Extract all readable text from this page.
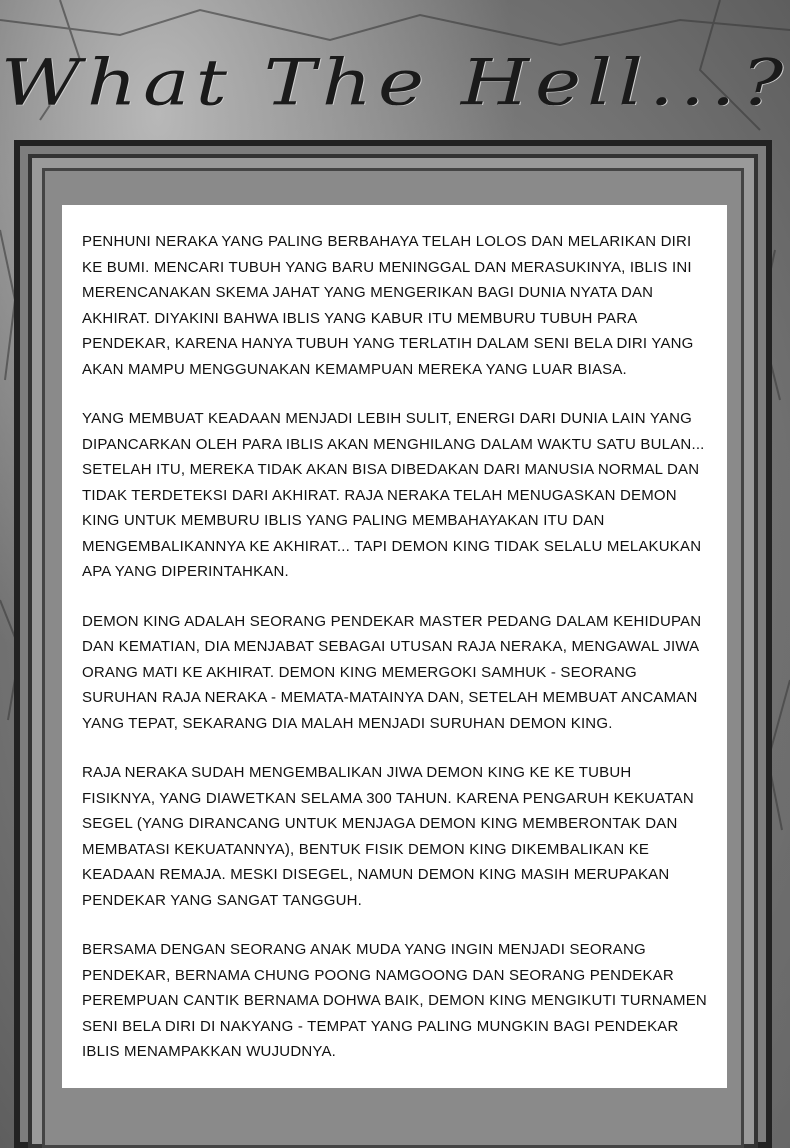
What The Hell...?

PENHUNI NERAKA YANG PALING BERBAHAYA TELAH LOLOS DAN MELARIKAN DIRI KE BUMI. MENCARI TUBUH YANG BARU MENINGGAL DAN MERASUKINYA, IBLIS INI MERENCANAKAN SKEMA JAHAT YANG MENGERIKAN BAGI DUNIA NYATA DAN AKHIRAT. DIYAKINI BAHWA IBLIS YANG KABUR ITU MEMBURU TUBUH PARA PENDEKAR, KARENA HANYA TUBUH YANG TERLATIH DALAM SENI BELA DIRI YANG AKAN MAMPU MENGGUNAKAN KEMAMPUAN MEREKA YANG LUAR BIASA.

YANG MEMBUAT KEADAAN MENJADI LEBIH SULIT, ENERGI DARI DUNIA LAIN YANG DIPANCARKAN OLEH PARA IBLIS AKAN MENGHILANG DALAM WAKTU SATU BULAN... SETELAH ITU, MEREKA TIDAK AKAN BISA DIBEDAKAN DARI MANUSIA NORMAL DAN TIDAK TERDETEKSI DARI AKHIRAT. RAJA NERAKA TELAH MENUGASKAN DEMON KING UNTUK MEMBURU IBLIS YANG PALING MEMBAHAYAKAN ITU DAN MENGEMBALIKANNYA KE AKHIRAT... TAPI DEMON KING TIDAK SELALU MELAKUKAN APA YANG DIPERINTAHKAN.

DEMON KING ADALAH SEORANG PENDEKAR MASTER PEDANG DALAM KEHIDUPAN DAN KEMATIAN, DIA MENJABAT SEBAGAI UTUSAN RAJA NERAKA, MENGAWAL JIWA ORANG MATI KE AKHIRAT. DEMON KING MEMERGOKI SAMHUK - SEORANG SURUHAN RAJA NERAKA - MEMATA-MATAINYA DAN, SETELAH MEMBUAT ANCAMAN YANG TEPAT, SEKARANG DIA MALAH MENJADI SURUHAN DEMON KING.

RAJA NERAKA SUDAH MENGEMBALIKAN JIWA DEMON KING KE KE TUBUH FISIKNYA, YANG DIAWETKAN SELAMA 300 TAHUN. KARENA PENGARUH KEKUATAN SEGEL (YANG DIRANCANG UNTUK MENJAGA DEMON KING MEMBERONTAK DAN MEMBATASI KEKUATANNYA), BENTUK FISIK DEMON KING DIKEMBALIKAN KE KEADAAN REMAJA. MESKI DISEGEL, NAMUN DEMON KING MASIH MERUPAKAN PENDEKAR YANG SANGAT TANGGUH.

BERSAMA DENGAN SEORANG ANAK MUDA YANG INGIN MENJADI SEORANG PENDEKAR, BERNAMA CHUNG POONG NAMGOONG DAN SEORANG PENDEKAR PEREMPUAN CANTIK BERNAMA DOHWA BAIK, DEMON KING MENGIKUTI TURNAMEN SENI BELA DIRI DI NAKYANG - TEMPAT YANG PALING MUNGKIN BAGI PENDEKAR IBLIS MENAMPAKKAN WUJUDNYA.
